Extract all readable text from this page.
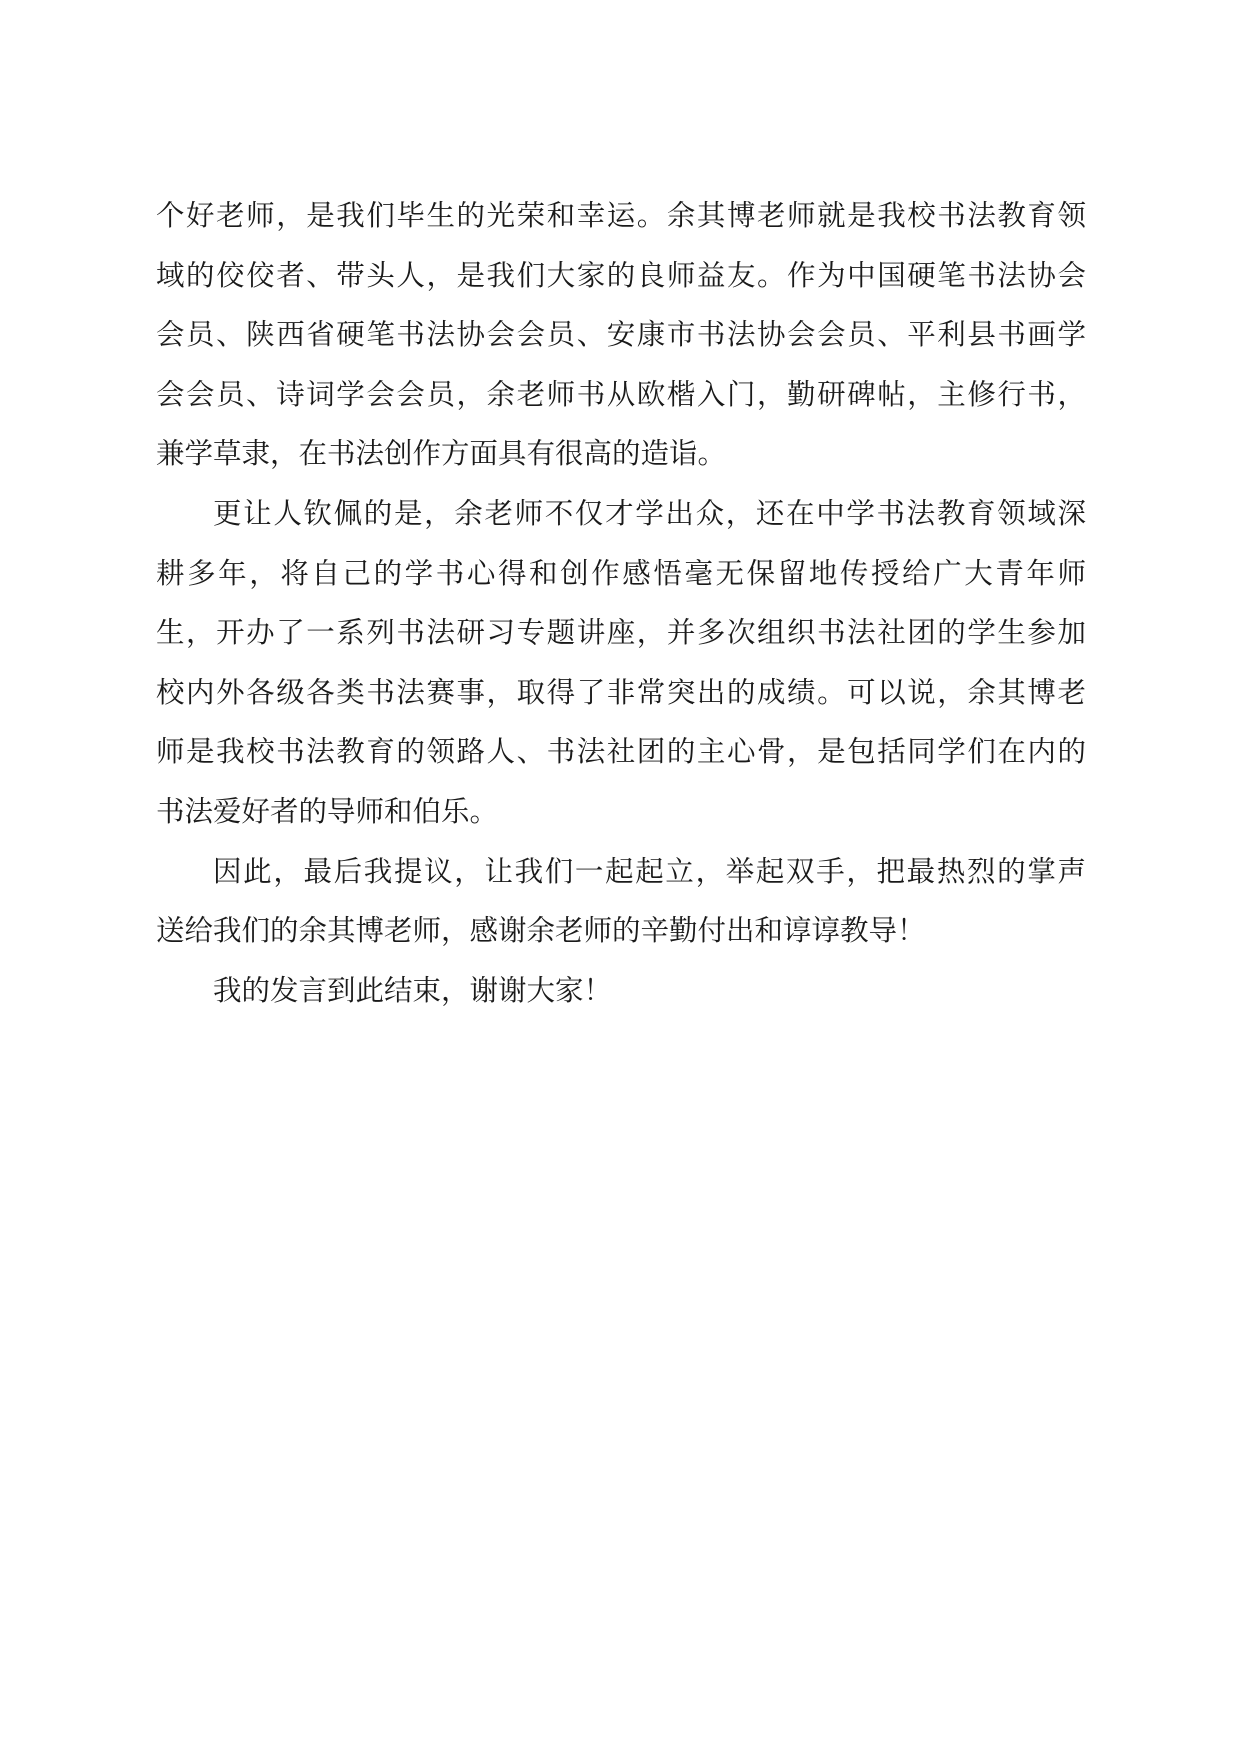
个好老师，是我们毕生的光荣和幸运。余其博老师就是我校书法教育领
域的佼佼者、带头人，是我们大家的良师益友。作为中国硬笔书法协会
会员、陕西省硬笔书法协会会员、安康市书法协会会员、平利县书画学
会会员、诗词学会会员，余老师书从欧楷入门，勤研碑帖，主修行书，
兼学草隶，在书法创作方面具有很高的造诣。
更让人钦佩的是，余老师不仅才学出众，还在中学书法教育领域深
耕多年，将自己的学书心得和创作感悟毫无保留地传授给广大青年师
生，开办了一系列书法研习专题讲座，并多次组织书法社团的学生参加
校内外各级各类书法赛事，取得了非常突出的成绩。可以说，余其博老
师是我校书法教育的领路人、书法社团的主心骨，是包括同学们在内的
书法爱好者的导师和伯乐。
因此，最后我提议，让我们一起起立，举起双手，把最热烈的掌声
送给我们的余其博老师，感谢余老师的辛勤付出和谆谆教导！
我的发言到此结束，谢谢大家！
